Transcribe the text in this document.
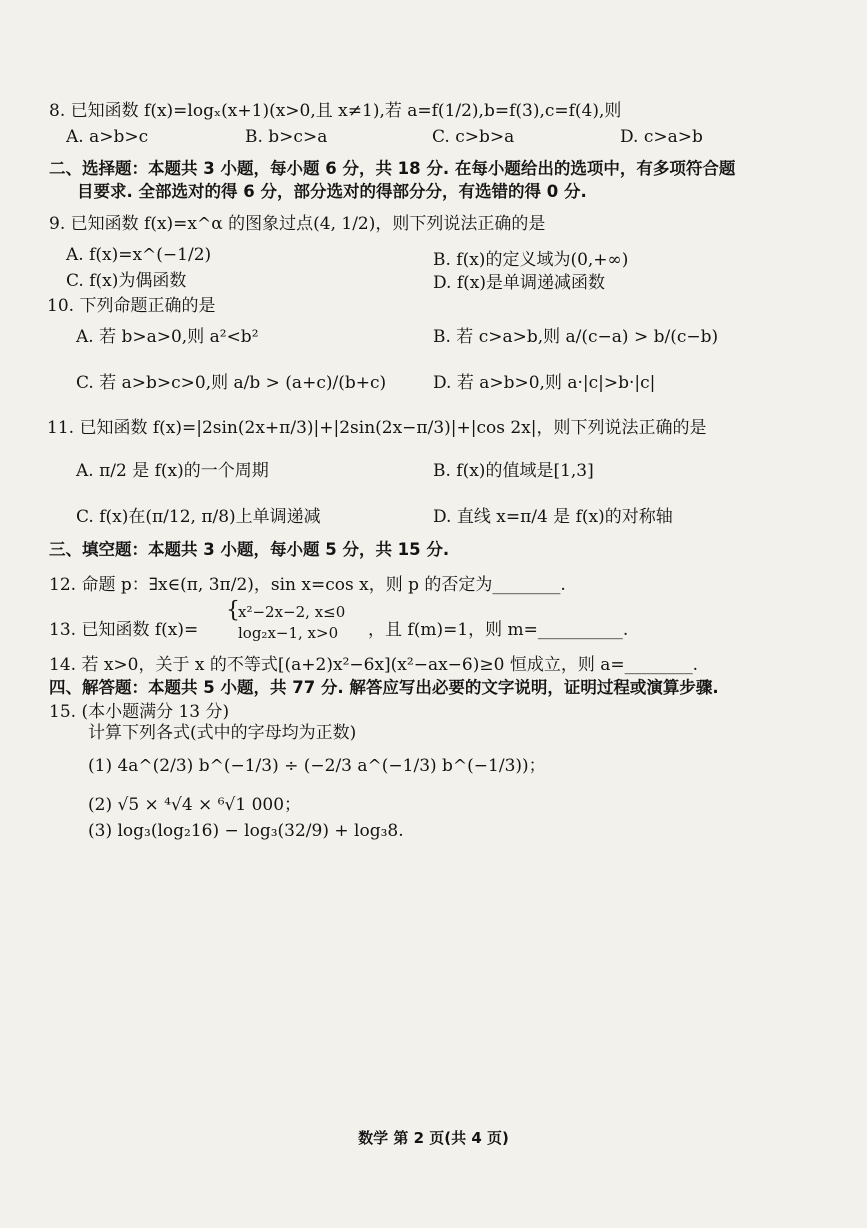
8. 已知函数 f(x)=logₓ(x+1)(x>0,且 x≠1),若 a=f(1/2),b=f(3),c=f(4),则
A. a>b>c	B. b>c>a	C. c>b>a	D. c>a>b
二、选择题：本题共 3 小题，每小题 6 分，共 18 分. 在每小题给出的选项中，有多项符合题
目要求. 全部选对的得 6 分，部分选对的得部分分，有选错的得 0 分.
9. 已知函数 f(x)=x^α 的图象过点(4, 1/2)，则下列说法正确的是
A. f(x)=x^(−1/2)	B. f(x)的定义域为(0,+∞)
C. f(x)为偶函数	D. f(x)是单调递减函数
10. 下列命题正确的是
A. 若 b>a>0,则 a²<b²	B. 若 c>a>b,则 a/(c−a) > b/(c−b)
C. 若 a>b>c>0,则 a/b > (a+c)/(b+c)	D. 若 a>b>0,则 a·|c|>b·|c|
11. 已知函数 f(x)=|2sin(2x+π/3)|+|2sin(2x−π/3)|+|cos 2x|，则下列说法正确的是
A. π/2 是 f(x)的一个周期	B. f(x)的值域是[1,3]
C. f(x)在(π/12, π/8)上单调递减	D. 直线 x=π/4 是 f(x)的对称轴
三、填空题：本题共 3 小题，每小题 5 分，共 15 分.
12. 命题 p：∃x∈(π, 3π/2)，sin x=cos x，则 p 的否定为________.
13. 已知函数 f(x)=
{
x²−2x−2, x≤0
log₂x−1, x>0 ，且 f(m)=1，则 m=__________.
14. 若 x>0，关于 x 的不等式[(a+2)x²−6x](x²−ax−6)≥0 恒成立，则 a=________.
四、解答题：本题共 5 小题，共 77 分. 解答应写出必要的文字说明，证明过程或演算步骤.
15. (本小题满分 13 分)
计算下列各式(式中的字母均为正数)
(1) 4a^(2/3) b^(−1/3) ÷ (−2/3 a^(−1/3) b^(−1/3))；
(2) √5 × ⁴√4 × ⁶√1 000；
(3) log₃(log₂16) − log₃(32/9) + log₃8.
数学 第 2 页(共 4 页)
